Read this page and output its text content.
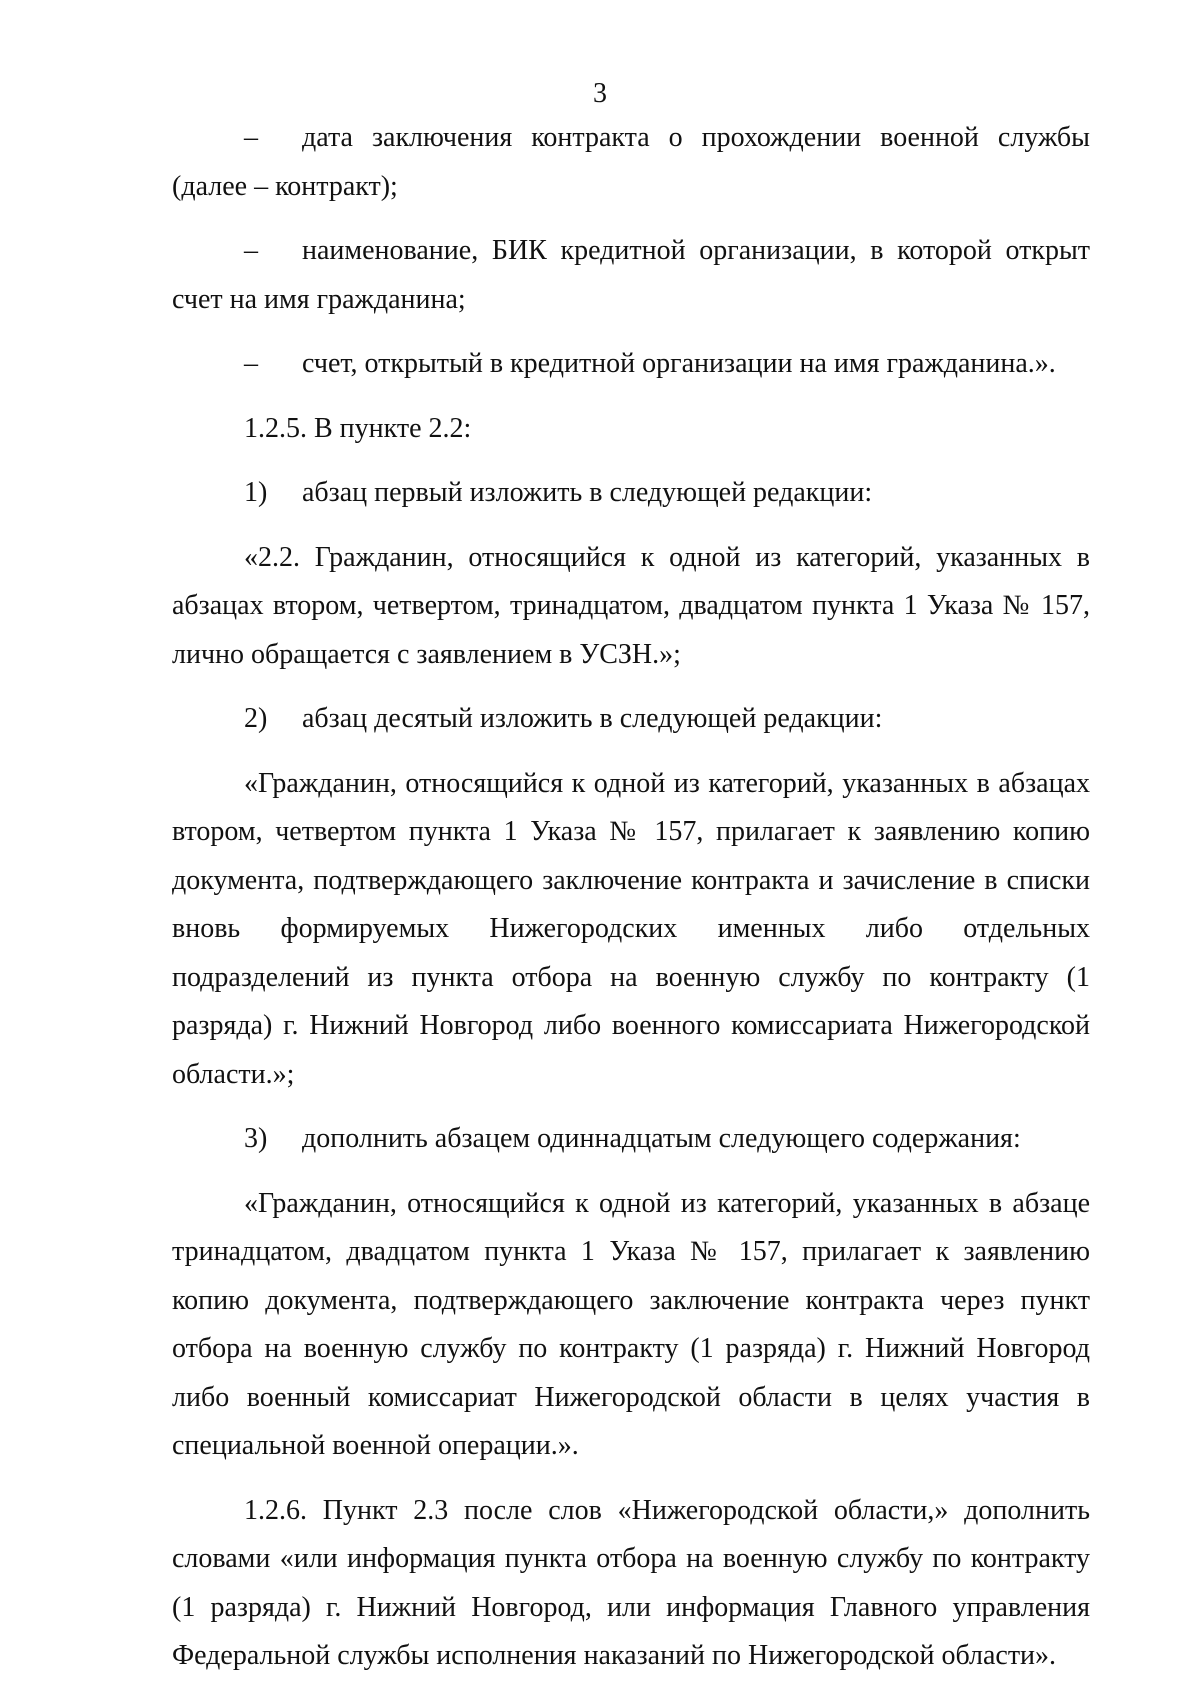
3
–	дата заключения контракта о прохождении военной службы

(далее – контракт);

–	наименование, БИК кредитной организации, в которой открыт

счет на имя гражданина;

–	счет, открытый в кредитной организации на имя гражданина.».

1.2.5. В пункте 2.2:

1)	абзац первый изложить в следующей редакции:

«2.2. Гражданин, относящийся к одной из категорий, указанных в абзацах втором, четвертом, тринадцатом, двадцатом пункта 1 Указа № 157, лично обращается с заявлением в УСЗН.»;

2)	абзац десятый изложить в следующей редакции:

«Гражданин, относящийся к одной из категорий, указанных в абзацах втором, четвертом пункта 1 Указа № 157, прилагает к заявлению копию документа, подтверждающего заключение контракта и зачисление в списки вновь формируемых Нижегородских именных либо отдельных подразделений из пункта отбора на военную службу по контракту (1 разряда) г. Нижний Новгород либо военного комиссариата Нижегородской области.»;

3)	дополнить абзацем одиннадцатым следующего содержания:

«Гражданин, относящийся к одной из категорий, указанных в абзаце тринадцатом, двадцатом пункта 1 Указа № 157, прилагает к заявлению копию документа, подтверждающего заключение контракта через пункт отбора на военную службу по контракту (1 разряда) г. Нижний Новгород либо военный комиссариат Нижегородской области в целях участия в специальной военной операции.».

1.2.6. Пункт 2.3 после слов «Нижегородской области,» дополнить словами «или информация пункта отбора на военную службу по контракту (1 разряда) г. Нижний Новгород, или информация Главного управления Федеральной службы исполнения наказаний по Нижегородской области».
